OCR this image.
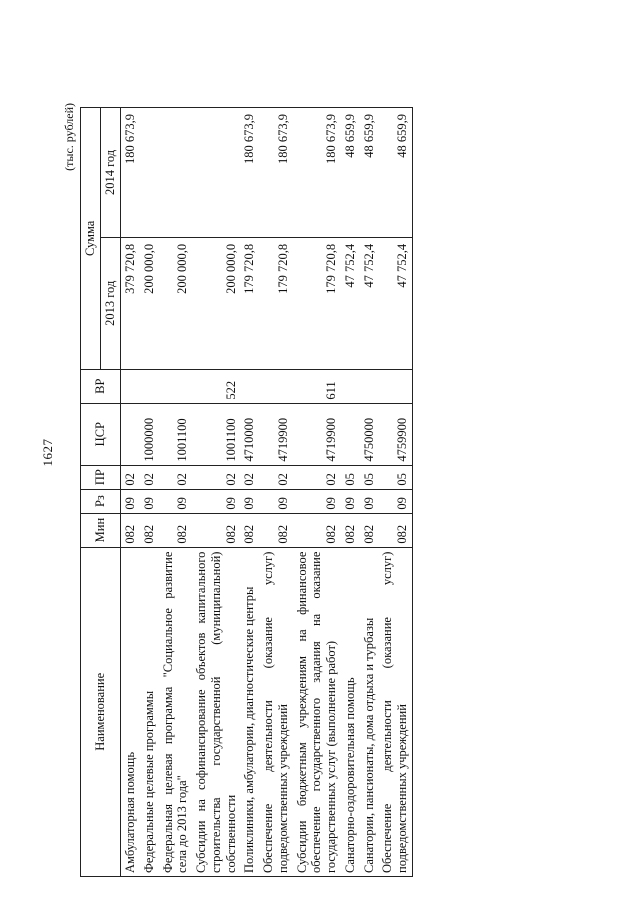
1627
(тыс. рублей)
Наименование	Мин	Рз	ПР	ЦСР	ВР	Сумма	
						2013 год	2014 год
Амбулаторная помощь	082	09	02			379 720,8	180 673,9
Федеральные целевые программы	082	09	02	1000000		200 000,0	
Федеральная целевая программа "Социальное развитие села до 2013 года"	082	09	02	1001100		200 000,0	
Субсидии на софинансирование объектов капитального строительства государственной (муниципальной) собственности	082	09	02	1001100	522	200 000,0	
Поликлиники, амбулатории, диагностические центры	082	09	02	4710000		179 720,8	180 673,9
Обеспечение деятельности (оказание услуг) подведомственных учреждений	082	09	02	4719900		179 720,8	180 673,9
Субсидии бюджетным учреждениям на финансовое обеспечение государственного задания на оказание государственных услуг (выполнение работ)	082	09	02	4719900	611	179 720,8	180 673,9
Санаторно-оздоровительная помощь	082	09	05			47 752,4	48 659,9
Санатории, пансионаты, дома отдыха и турбазы	082	09	05	4750000		47 752,4	48 659,9
Обеспечение деятельности (оказание услуг) подведомственных учреждений	082	09	05	4759900		47 752,4	48 659,9
